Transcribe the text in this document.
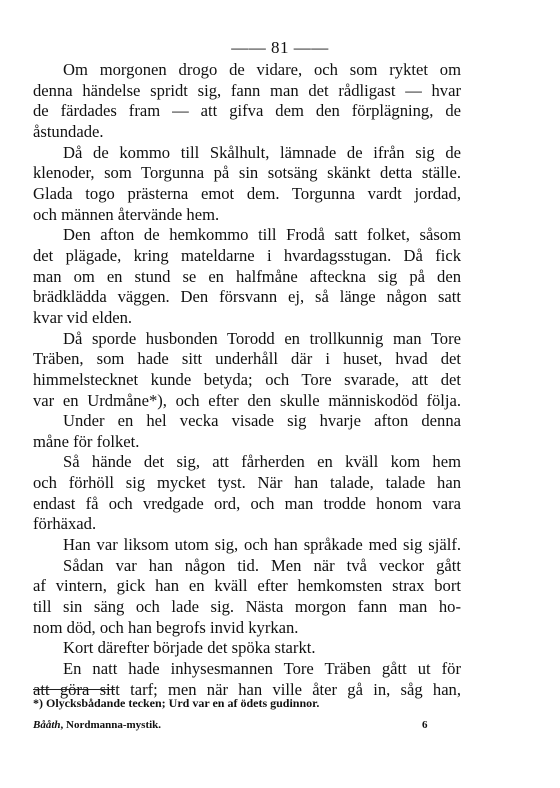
—— 81 ——
Om morgonen drogo de vidare, och som ryktet om
denna händelse spridt sig, fann man det rådligast — hvar
de färdades fram — att gifva dem den förplägning, de
åstundade.
Då de kommo till Skålhult, lämnade de ifrån sig de
klenoder, som Torgunna på sin sotsäng skänkt detta ställe.
Glada togo prästerna emot dem. Torgunna vardt jordad,
och männen återvände hem.
Den afton de hemkommo till Frodå satt folket, såsom
det plägade, kring mateldarne i hvardagsstugan. Då fick
man om en stund se en halfmåne afteckna sig på den
brädklädda väggen. Den försvann ej, så länge någon satt
kvar vid elden.
Då sporde husbonden Torodd en trollkunnig man Tore
Träben, som hade sitt underhåll där i huset, hvad det
himmelstecknet kunde betyda; och Tore svarade, att det
var en Urdmåne*), och efter den skulle människodöd följa.
Under en hel vecka visade sig hvarje afton denna
måne för folket.
Så hände det sig, att fårherden en kväll kom hem
och förhöll sig mycket tyst. När han talade, talade han
endast få och vredgade ord, och man trodde honom vara
förhäxad.
Han var liksom utom sig, och han språkade med sig själf.
Sådan var han någon tid. Men när två veckor gått
af vintern, gick han en kväll efter hemkomsten strax bort
till sin säng och lade sig. Nästa morgon fann man ho-
nom död, och han begrofs invid kyrkan.
Kort därefter började det spöka starkt.
En natt hade inhysesmannen Tore Träben gått ut för
att göra sitt tarf; men när han ville åter gå in, såg han,
*) Olycksbådande tecken; Urd var en af ödets gudinnor.
Bååth, Nordmanna-mystik.	6
